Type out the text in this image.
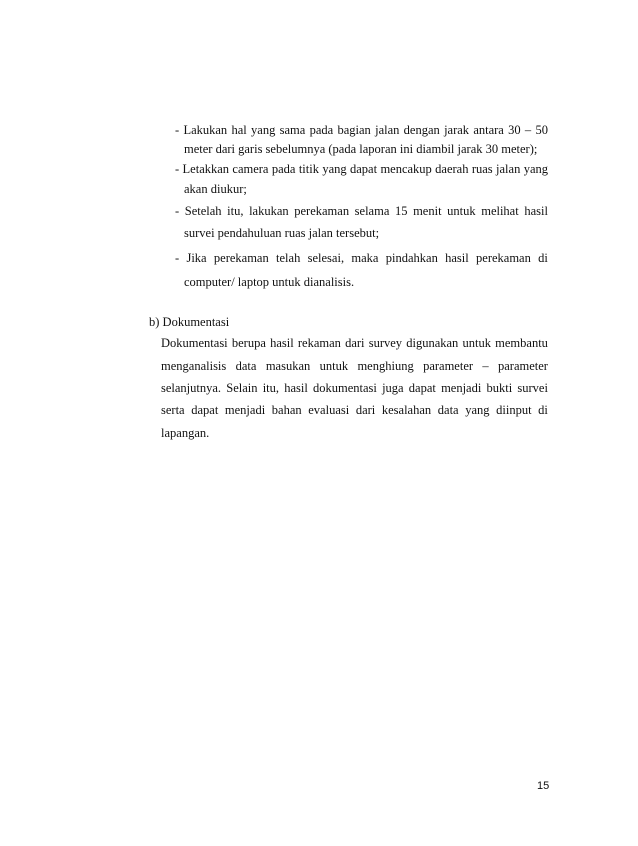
- Lakukan hal yang sama pada bagian jalan dengan jarak antara 30 – 50
meter dari garis sebelumnya (pada laporan ini diambil jarak 30 meter);
- Letakkan camera pada titik yang dapat mencakup daerah ruas jalan yang
akan diukur;
- Setelah itu, lakukan perekaman selama 15 menit untuk melihat hasil
survei pendahuluan ruas jalan tersebut;
- Jika perekaman telah selesai, maka pindahkan hasil perekaman di
computer/ laptop untuk dianalisis.
b) Dokumentasi
Dokumentasi berupa hasil rekaman dari survey digunakan untuk membantu
menganalisis data masukan untuk menghiung parameter – parameter
selanjutnya. Selain itu, hasil dokumentasi juga dapat menjadi bukti survei
serta dapat menjadi bahan evaluasi dari kesalahan data yang diinput di
lapangan.
15
